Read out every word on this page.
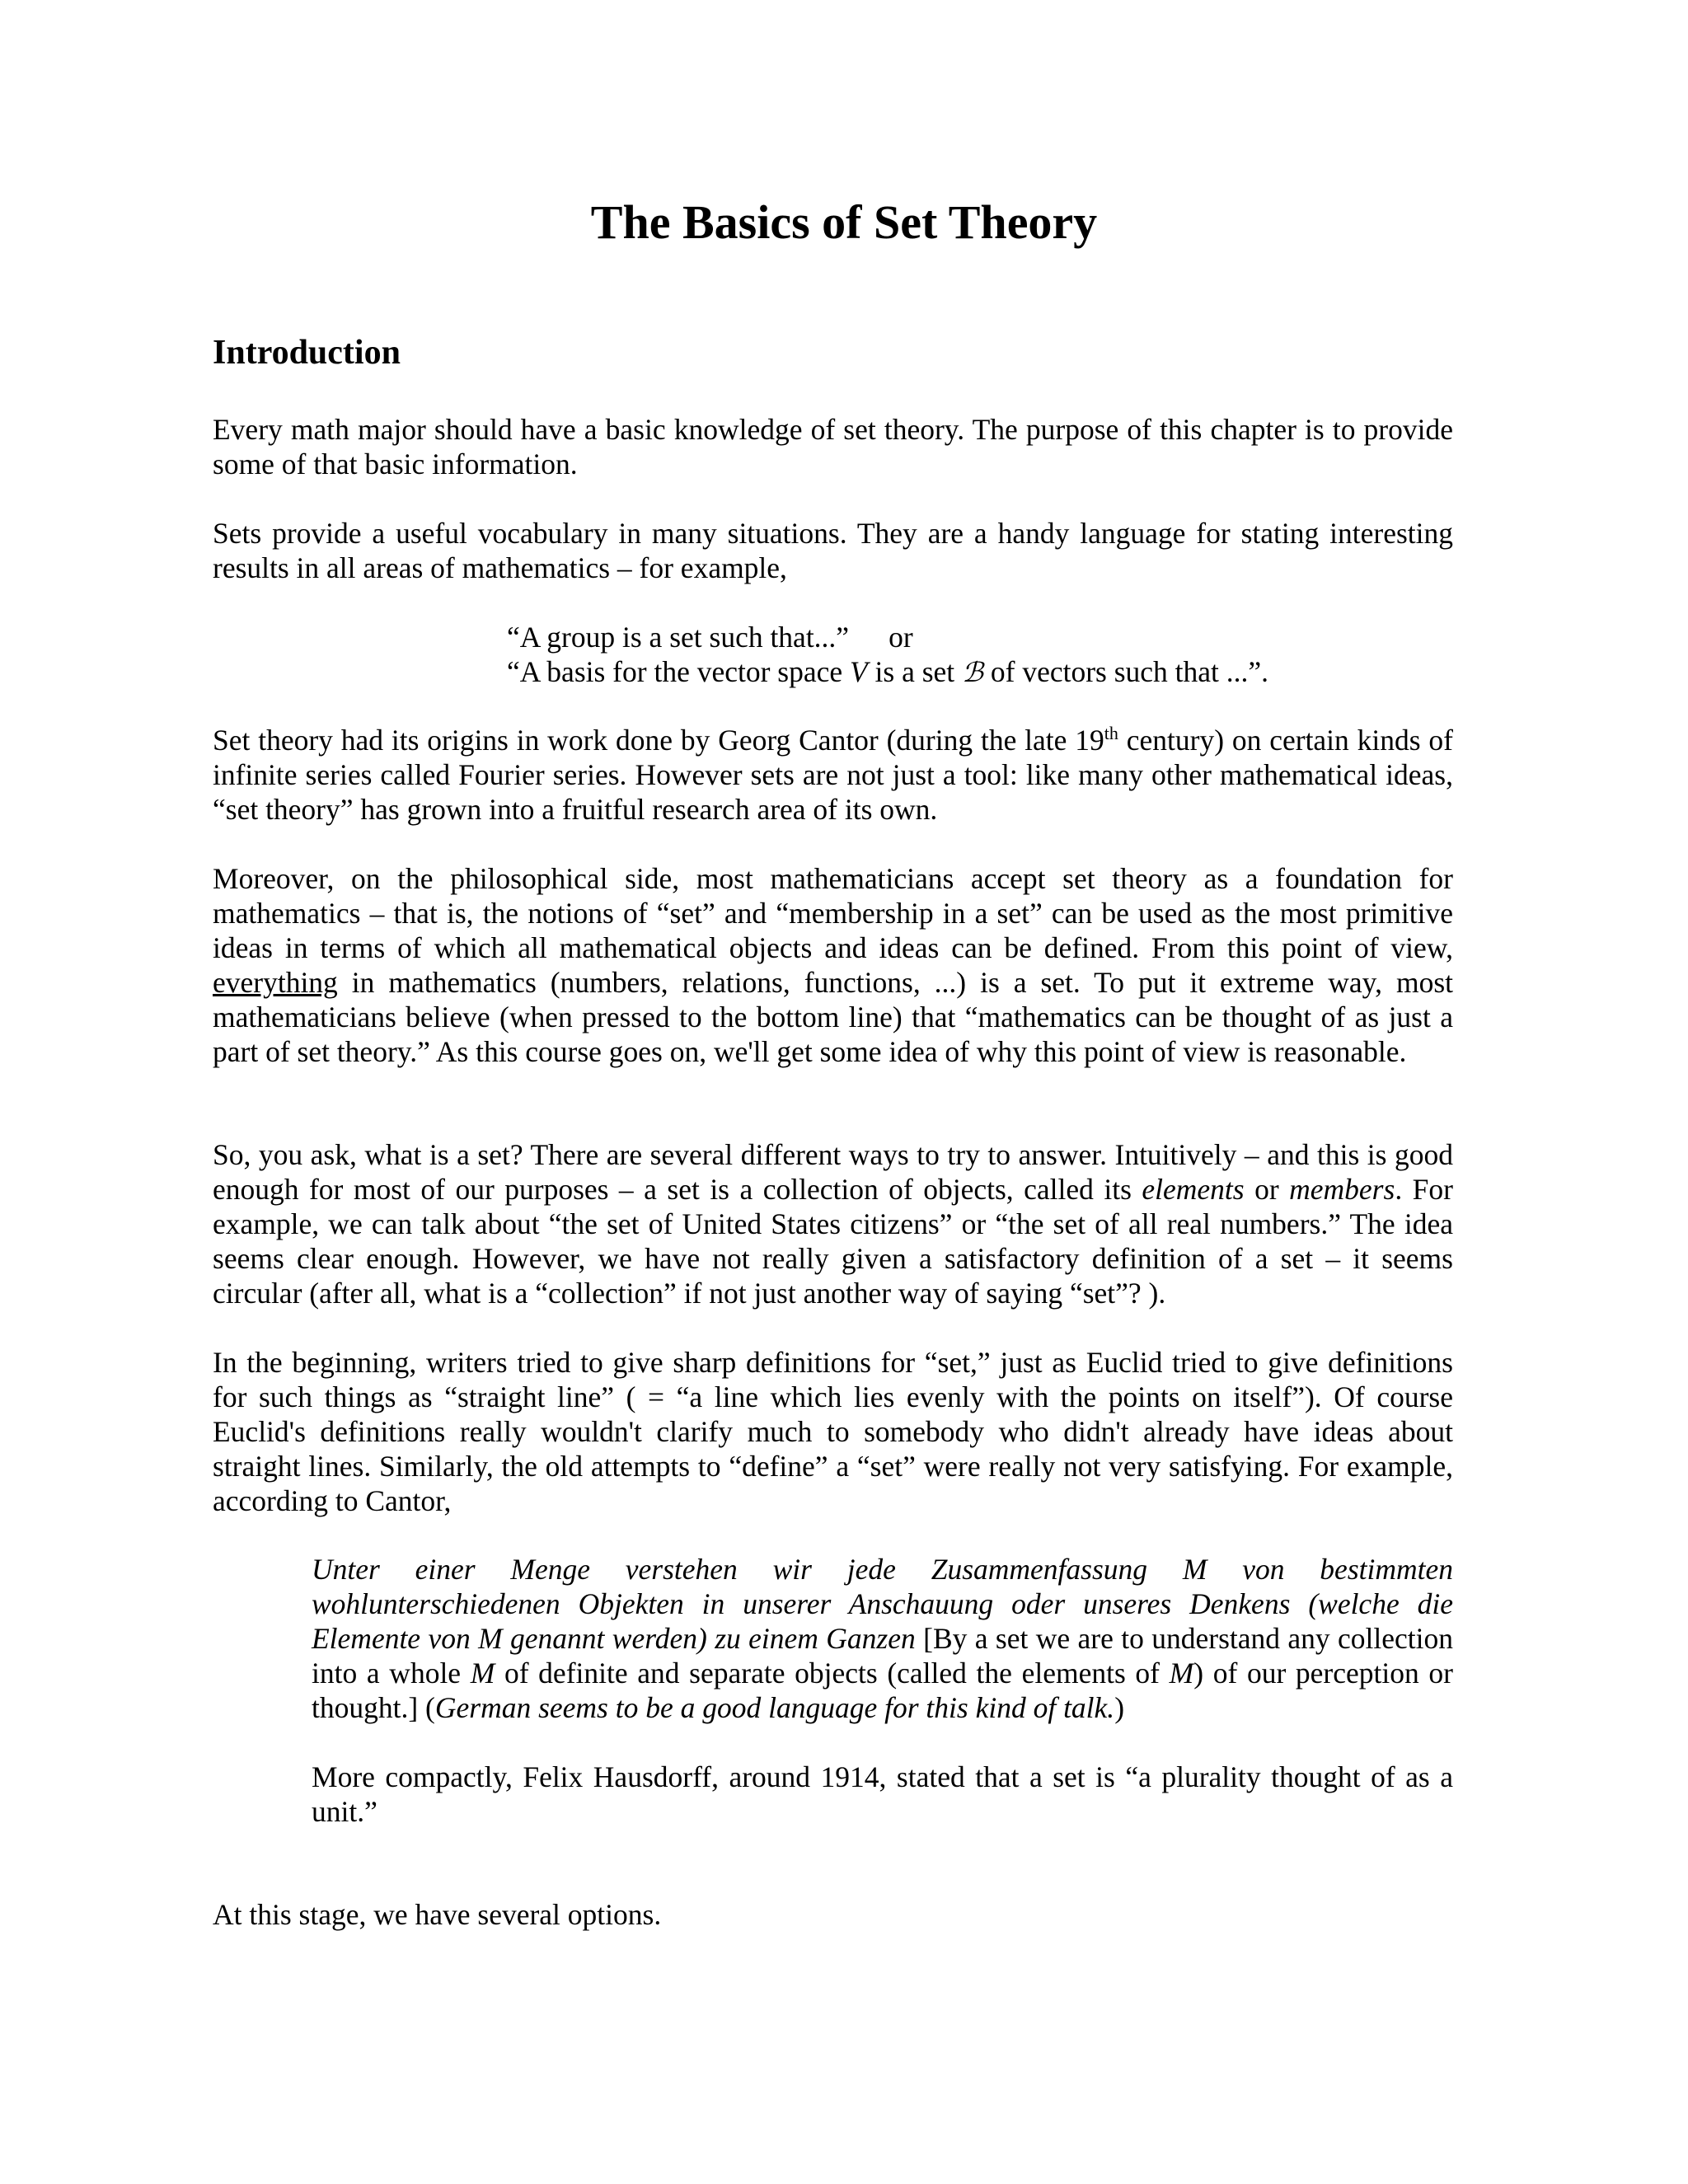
The Basics of Set Theory
Introduction

Every math major should have a basic knowledge of set theory. The purpose of this chapter is to provide some of that basic information.

Sets provide a useful vocabulary in many situations. They are a handy language for stating interesting results in all areas of mathematics – for example,

“A group is a set such that...” or

“A basis for the vector space V is a set ℬ of vectors such that ...”.

Set theory had its origins in work done by Georg Cantor (during the late 19th century) on certain kinds of infinite series called Fourier series. However sets are not just a tool: like many other mathematical ideas, “set theory” has grown into a fruitful research area of its own.

Moreover, on the philosophical side, most mathematicians accept set theory as a foundation for mathematics – that is, the notions of “set” and “membership in a set” can be used as the most primitive ideas in terms of which all mathematical objects and ideas can be defined. From this point of view, everything in mathematics (numbers, relations, functions, ...) is a set. To put it extreme way, most mathematicians believe (when pressed to the bottom line) that “mathematics can be thought of as just a part of set theory.” As this course goes on, we'll get some idea of why this point of view is reasonable.

So, you ask, what is a set? There are several different ways to try to answer. Intuitively – and this is good enough for most of our purposes – a set is a collection of objects, called its elements or members. For example, we can talk about “the set of United States citizens” or “the set of all real numbers.” The idea seems clear enough. However, we have not really given a satisfactory definition of a set – it seems circular (after all, what is a “collection” if not just another way of saying “set”? ).

In the beginning, writers tried to give sharp definitions for “set,” just as Euclid tried to give definitions for such things as “straight line” ( = “a line which lies evenly with the points on itself”). Of course Euclid's definitions really wouldn't clarify much to somebody who didn't already have ideas about straight lines. Similarly, the old attempts to “define” a “set” were really not very satisfying. For example, according to Cantor,

Unter einer Menge verstehen wir jede Zusammenfassung M von bestimmten wohlunterschiedenen Objekten in unserer Anschauung oder unseres Denkens (welche die Elemente von M genannt werden) zu einem Ganzen [By a set we are to understand any collection into a whole M of definite and separate objects (called the elements of M) of our perception or thought.] (German seems to be a good language for this kind of talk.)

More compactly, Felix Hausdorff, around 1914, stated that a set is “a plurality thought of as a unit.”

At this stage, we have several options.
